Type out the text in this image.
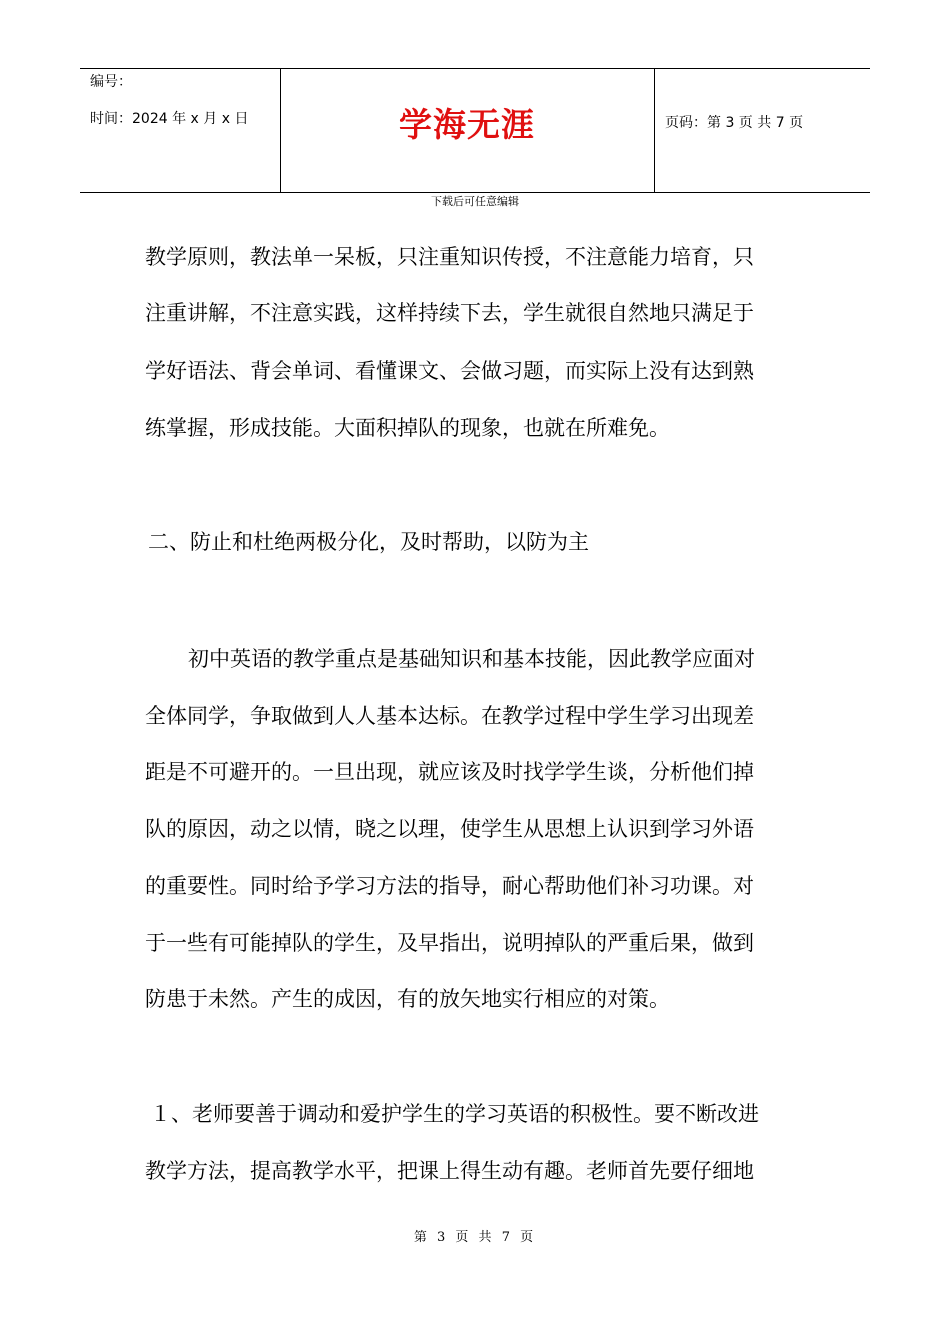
编号：
时间：2024 年 x 月 x 日	学海无涯	页码：第 3 页 共 7 页
下载后可任意编辑
教学原则，教法单一呆板，只注重知识传授，不注意能力培育，只
注重讲解，不注意实践，这样持续下去，学生就很自然地只满足于
学好语法、背会单词、看懂课文、会做习题，而实际上没有达到熟
练掌握，形成技能。大面积掉队的现象，也就在所难免。
二、防止和杜绝两极分化，及时帮助，以防为主
初中英语的教学重点是基础知识和基本技能，因此教学应面对
全体同学，争取做到人人基本达标。在教学过程中学生学习出现差
距是不可避开的。一旦出现，就应该及时找学学生谈，分析他们掉
队的原因，动之以情，晓之以理，使学生从思想上认识到学习外语
的重要性。同时给予学习方法的指导，耐心帮助他们补习功课。对
于一些有可能掉队的学生，及早指出，说明掉队的严重后果，做到
防患于未然。产生的成因，有的放矢地实行相应的对策。
１、老师要善于调动和爱护学生的学习英语的积极性。要不断改进
教学方法，提高教学水平，把课上得生动有趣。老师首先要仔细地
第 3 页 共 7 页
